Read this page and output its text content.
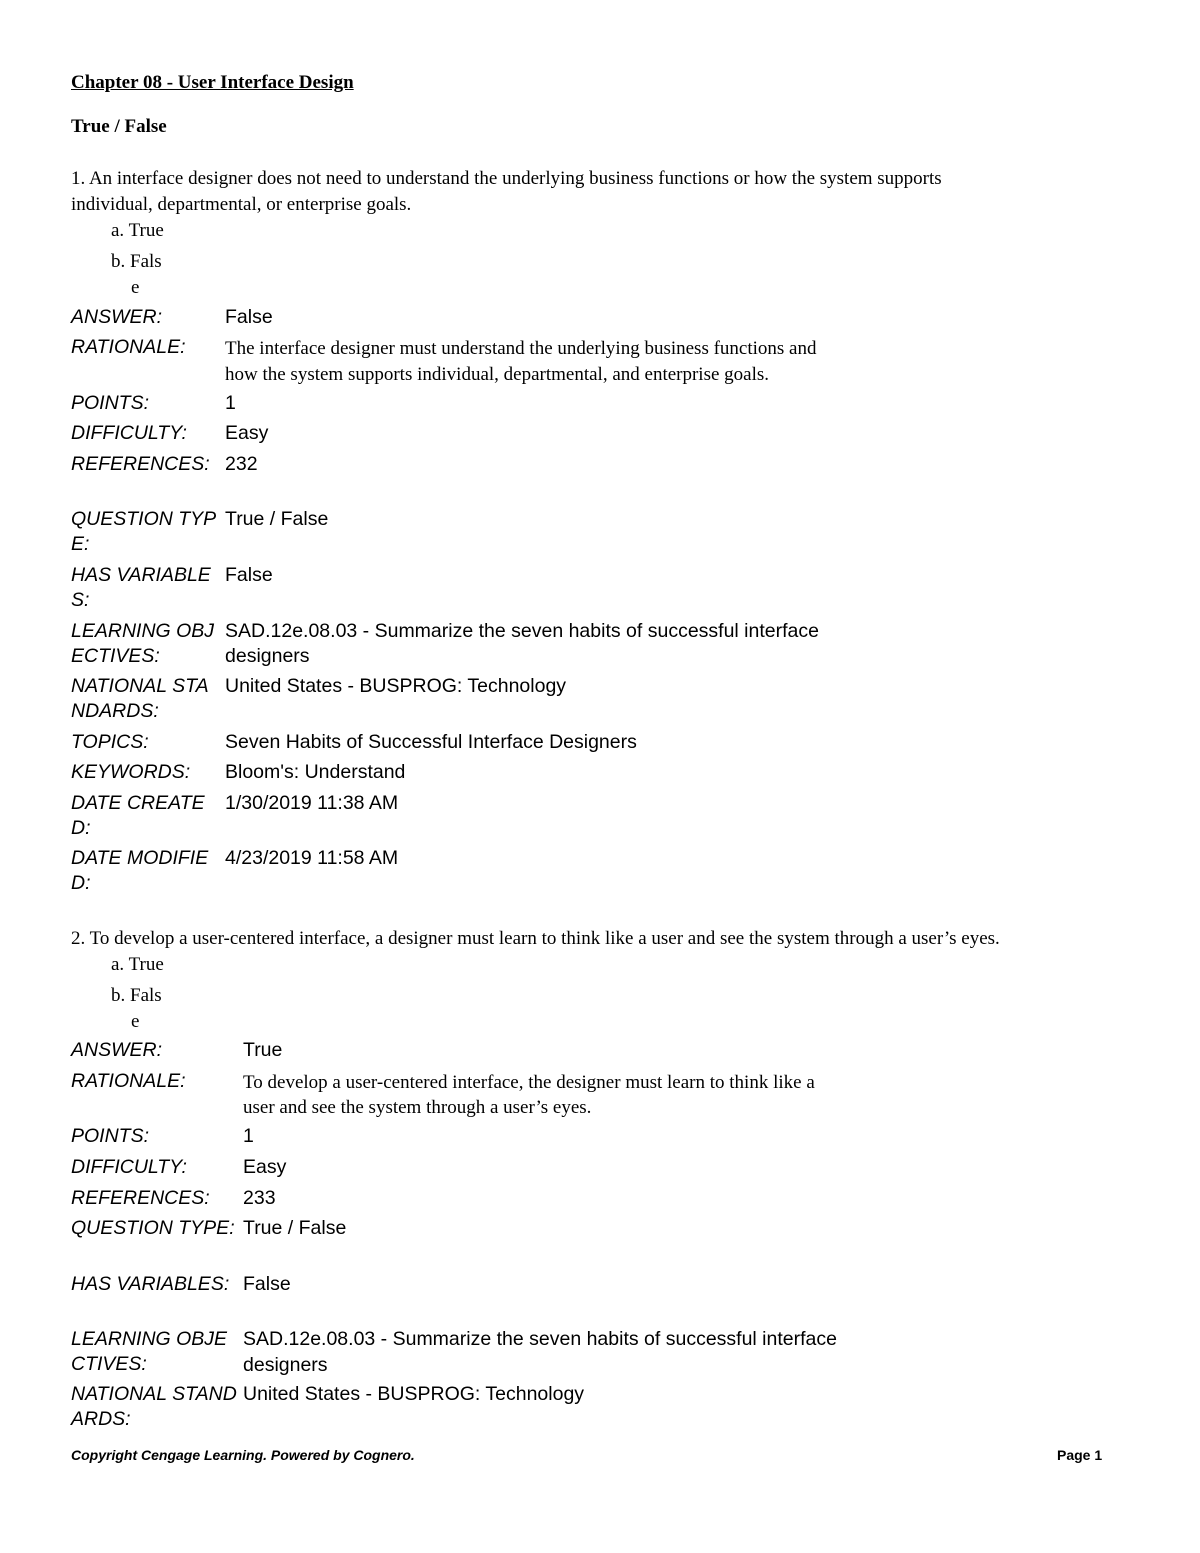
Chapter 08 - User Interface Design
True / False
1. An interface designer does not need to understand the underlying business functions or how the system supports
individual, departmental, or enterprise goals.
a. True
b. Fals
e
ANSWER:	False
RATIONALE:	The interface designer must understand the underlying business functions and
how the system supports individual, departmental, and enterprise goals.
POINTS:	1
DIFFICULTY:	Easy
REFERENCES: 232
QUESTION TYPE:
True / False
HAS VARIABLES:
False
LEARNING OBJECTIVES:
SAD.12e.08.03 - Summarize the seven habits of successful interface
designers
NATIONAL STANDARDS:
United States - BUSPROG: Technology
TOPICS:	Seven Habits of Successful Interface Designers
KEYWORDS:	Bloom's: Understand
DATE CREATED:
1/30/2019 11:38 AM
DATE MODIFIED:
4/23/2019 11:58 AM
2. To develop a user-centered interface, a designer must learn to think like a user and see the system through a user’s eyes.
a. True
b. Fals
e
ANSWER:	True
RATIONALE:	To develop a user-centered interface, the designer must learn to think like a
user and see the system through a user’s eyes.
POINTS:	1
DIFFICULTY:	Easy
REFERENCES:	233
QUESTION TYPE: True / False
HAS VARIABLES: False
LEARNING OBJECTIVES:
SAD.12e.08.03 - Summarize the seven habits of successful interface
designers
NATIONAL STANDARDS:
United States - BUSPROG: Technology
Copyright Cengage Learning. Powered by Cognero.	Page 1
